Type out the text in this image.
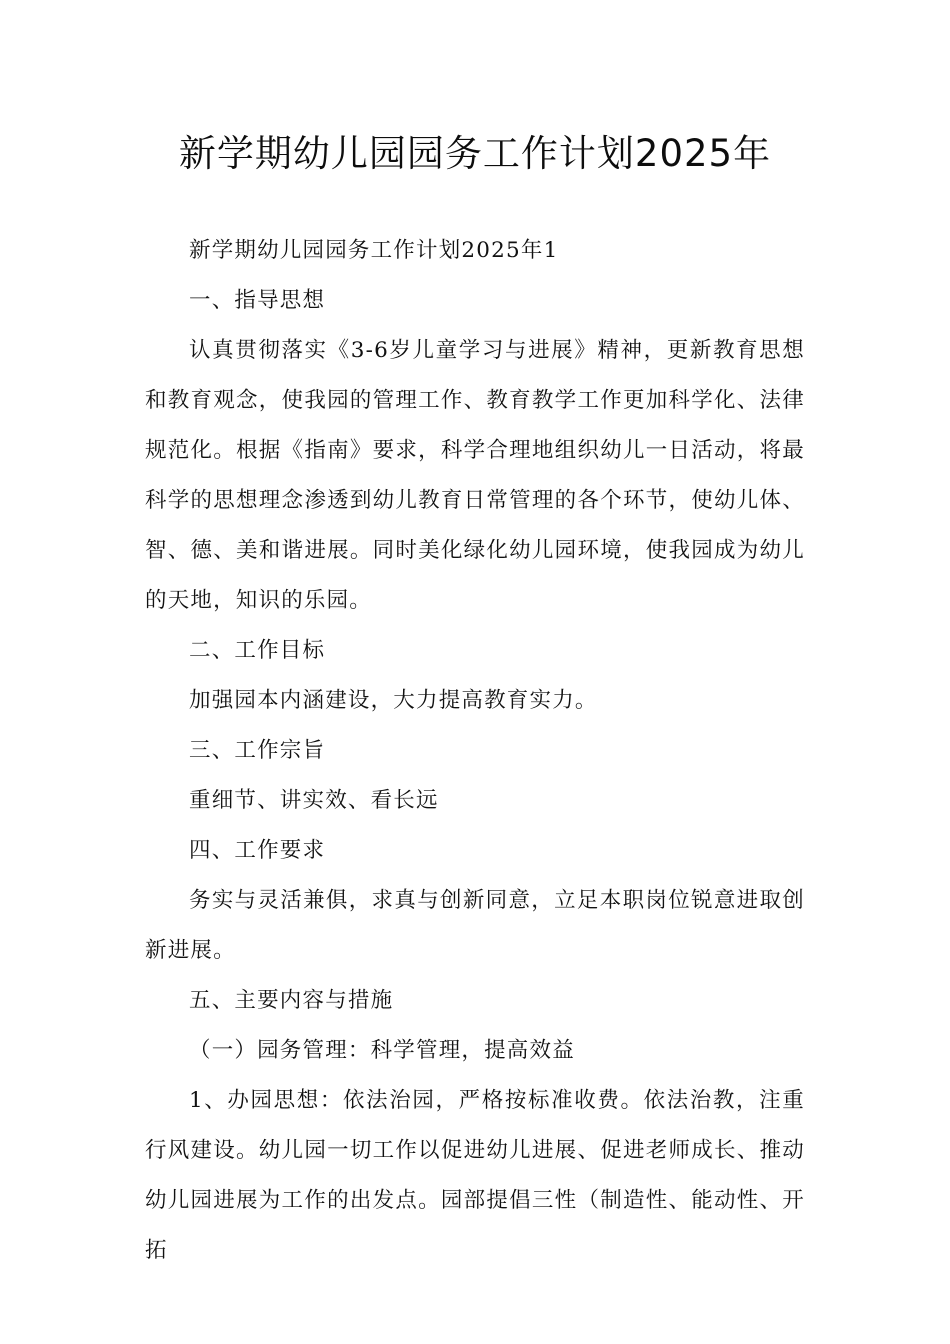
新学期幼儿园园务工作计划2025年

新学期幼儿园园务工作计划2025年1

一、指导思想

认真贯彻落实《3-6岁儿童学习与进展》精神，更新教育思想和教育观念，使我园的管理工作、教育教学工作更加科学化、法律规范化。根据《指南》要求，科学合理地组织幼儿一日活动，将最科学的思想理念渗透到幼儿教育日常管理的各个环节，使幼儿体、智、德、美和谐进展。同时美化绿化幼儿园环境，使我园成为幼儿的天地，知识的乐园。

二、工作目标

加强园本内涵建设，大力提高教育实力。

三、工作宗旨

重细节、讲实效、看长远

四、工作要求

务实与灵活兼俱，求真与创新同意，立足本职岗位锐意进取创新进展。

五、主要内容与措施

（一）园务管理：科学管理，提高效益

1、办园思想：依法治园，严格按标准收费。依法治教，注重行风建设。幼儿园一切工作以促进幼儿进展、促进老师成长、推动幼儿园进展为工作的出发点。园部提倡三性（制造性、能动性、开拓
